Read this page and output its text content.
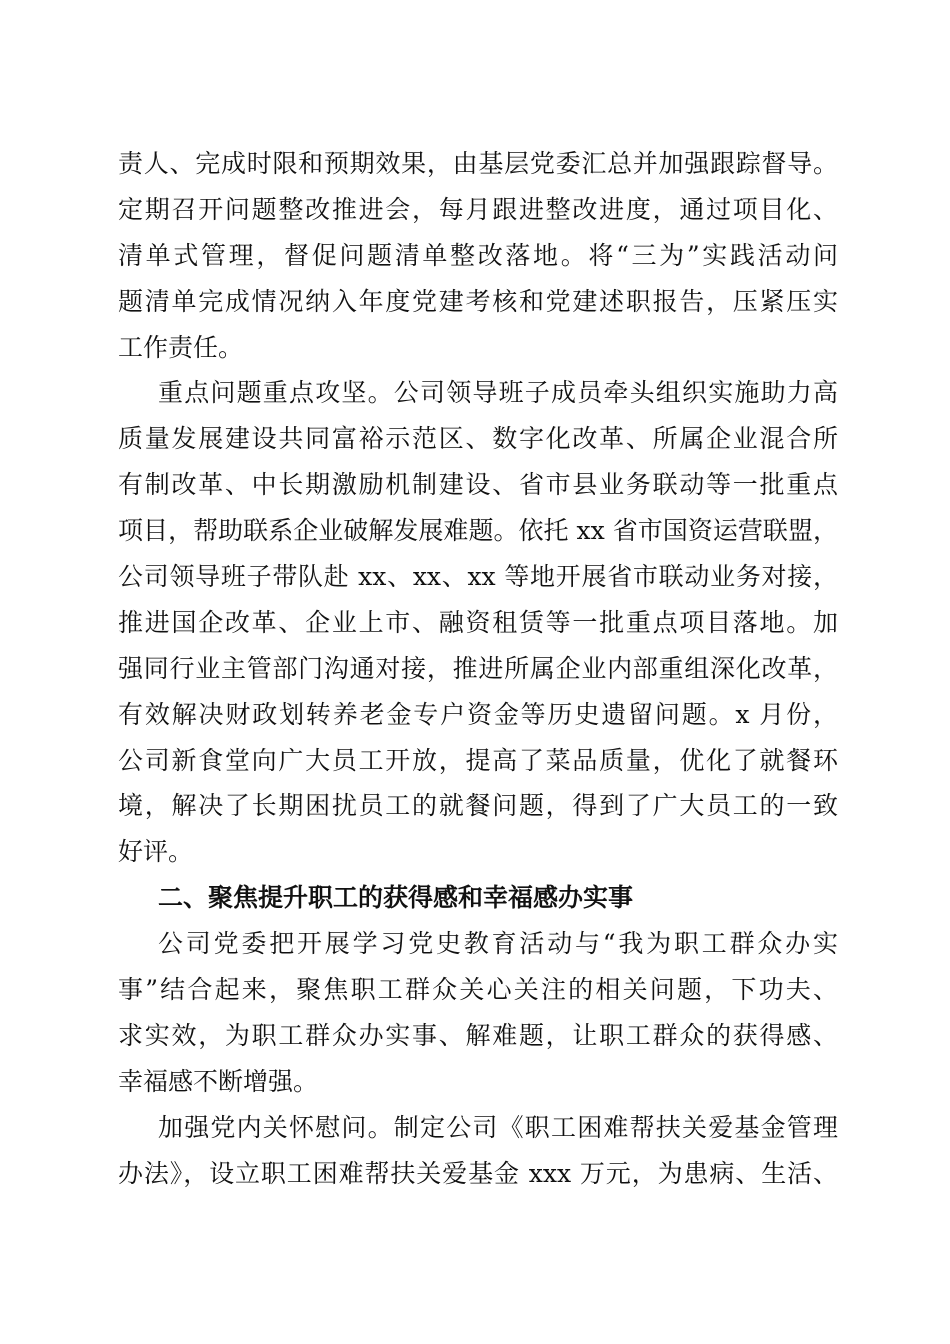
责人、完成时限和预期效果，由基层党委汇总并加强跟踪督导。
定期召开问题整改推进会，每月跟进整改进度，通过项目化、
清单式管理，督促问题清单整改落地。将“三为”实践活动问
题清单完成情况纳入年度党建考核和党建述职报告，压紧压实
工作责任。
重点问题重点攻坚。公司领导班子成员牵头组织实施助力高
质量发展建设共同富裕示范区、数字化改革、所属企业混合所
有制改革、中长期激励机制建设、省市县业务联动等一批重点
项目，帮助联系企业破解发展难题。依托 xx 省市国资运营联盟，
公司领导班子带队赴 xx、xx、xx 等地开展省市联动业务对接，
推进国企改革、企业上市、融资租赁等一批重点项目落地。加
强同行业主管部门沟通对接，推进所属企业内部重组深化改革，
有效解决财政划转养老金专户资金等历史遗留问题。x 月份，
公司新食堂向广大员工开放，提高了菜品质量，优化了就餐环
境，解决了长期困扰员工的就餐问题，得到了广大员工的一致
好评。
二、聚焦提升职工的获得感和幸福感办实事
公司党委把开展学习党史教育活动与“我为职工群众办实
事”结合起来，聚焦职工群众关心关注的相关问题，下功夫、
求实效，为职工群众办实事、解难题，让职工群众的获得感、
幸福感不断增强。
加强党内关怀慰问。制定公司《职工困难帮扶关爱基金管理
办法》，设立职工困难帮扶关爱基金 xxx 万元，为患病、生活、
